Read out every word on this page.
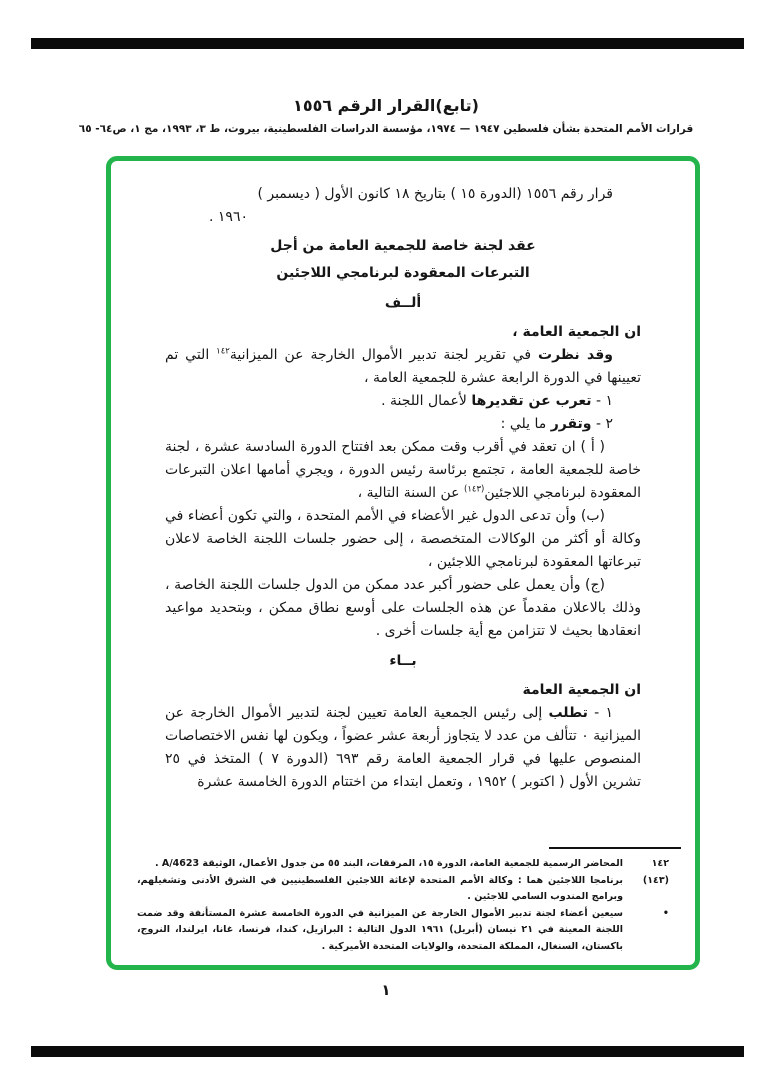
(تابع)القرار الرقم ١٥٥٦
قرارات الأمم المتحدة بشأن فلسطين ١٩٤٧ — ١٩٧٤، مؤسسة الدراسات الفلسطينية، بيروت، ط ٣، ١٩٩٣، مج ١، ص٦٤- ٦٥

قرار رقم ١٥٥٦ (الدورة ١٥ ) بتاريخ ١٨ كانون الأول ( ديسمبر )

١٩٦٠ .

عقد لجنة خاصة للجمعية العامة من أجل

التبرعات المعقودة لبرنامجي اللاجئين

ألــف

ان الجمعية العامة ،

وقد نظرت في تقرير لجنة تدبير الأموال الخارجة عن الميزانية$^{١٤٢}$ التي تم تعيينها في الدورة الرابعة عشرة للجمعية العامة ،

١ - تعرب عن تقديرها لأعمال اللجنة .

٢ - وتقرر ما يلي :

( أ ) ان تعقد في أقرب وقت ممكن بعد افتتاح الدورة السادسة عشرة ، لجنة خاصة للجمعية العامة ، تجتمع برئاسة رئيس الدورة ، ويجري أمامها اعلان التبرعات المعقودة لبرنامجي اللاجئين$^{(١٤٣)}$ عن السنة التالية ،

(ب) وأن تدعى الدول غير الأعضاء في الأمم المتحدة ، والتي تكون أعضاء في وكالة أو أكثر من الوكالات المتخصصة ، إلى حضور جلسات اللجنة الخاصة لاعلان تبرعاتها المعقودة لبرنامجي اللاجئين ،

(ج) وأن يعمل على حضور أكبر عدد ممكن من الدول جلسات اللجنة الخاصة ، وذلك بالاعلان مقدماً عن هذه الجلسات على أوسع نطاق ممكن ، وبتحديد مواعيد انعقادها بحيث لا تتزامن مع أية جلسات أخرى .

بــاء

ان الجمعية العامة

١ - تطلب إلى رئيس الجمعية العامة تعيين لجنة لتدبير الأموال الخارجة عن الميزانية ٠ تتألف من عدد لا يتجاوز أربعة عشر عضواً ، ويكون لها نفس الاختصاصات المنصوص عليها في قرار الجمعية العامة رقم ٦٩٣ (الدورة ٧ ) المتخذ في ٢٥ تشرين الأول ( اكتوبر ) ١٩٥٢ ، وتعمل ابتداء من اختتام الدورة الخامسة عشرة

١٤٢
المحاضر الرسمية للجمعية العامة، الدورة ١٥، المرفقات، البند ٥٥ من جدول الأعمال، الوثيقة A/4623 .
(١٤٣)
برنامجا اللاجئين هما : وكالة الأمم المتحدة لإغاثة اللاجئين الفلسطينيين في الشرق الأدنى وتشغيلهم، وبرامج المندوب السامي للاجئين .
•
سيعين أعضاء لجنة تدبير الأموال الخارجة عن الميزانية في الدورة الخامسة عشرة المستأنفة وقد ضمت اللجنة المعينة في ٢١ نيسان (أبريل) ١٩٦١ الدول التالية : البرازيل، كندا، فرنسا، غانا، ايرلندا، النروج، باكستان، السنغال، المملكة المتحدة، والولايات المتحدة الأميركية .
١
